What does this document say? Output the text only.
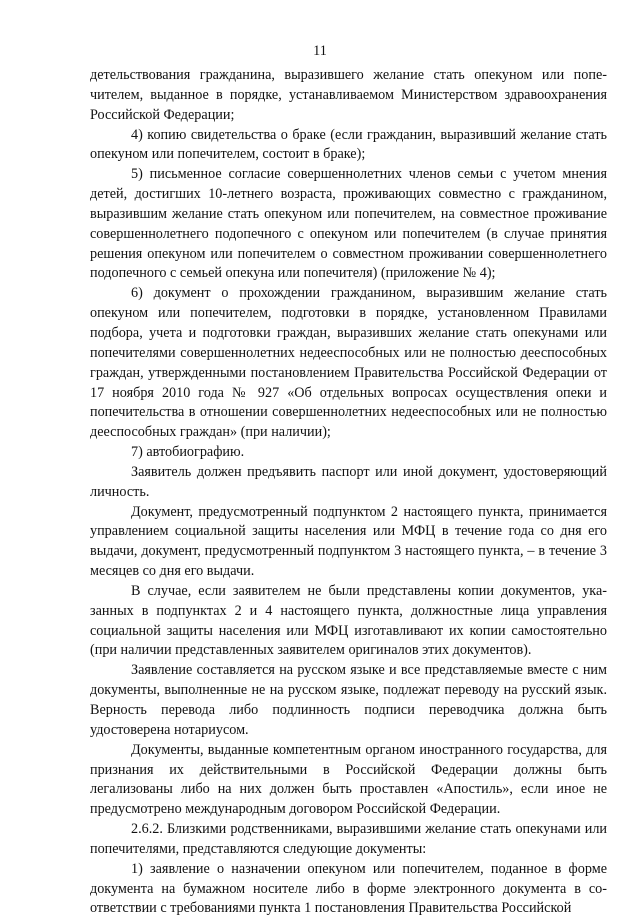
11

детельствования гражданина, выразившего желание стать опекуном или попечителем, выданное в порядке, устанавливаемом Министерством здравоохранения Российской Федерации;

4) копию свидетельства о браке (если гражданин, выразивший желание стать опекуном или попечителем, состоит в браке);

5) письменное согласие совершеннолетних членов семьи с учетом мнения детей, достигших 10-летнего возраста, проживающих совместно с гражданином, выразившим желание стать опекуном или попечителем, на совместное проживание совершеннолетнего подопечного с опекуном или попечителем (в случае принятия решения опекуном или попечителем о совместном проживании совершеннолетнего подопечного с семьей опекуна или попечителя) (приложение № 4);

6) документ о прохождении гражданином, выразившим желание стать опекуном или попечителем, подготовки в порядке, установленном Правилами подбора, учета и подготовки граждан, выразивших желание стать опекунами или попечителями совершеннолетних недееспособных или не полностью дееспособных граждан, утвержденными постановлением Правительства Российской Федерации от 17 ноября 2010 года № 927 «Об отдельных вопросах осуществления опеки и попечительства в отношении совершеннолетних недееспособных или не полностью дееспособных граждан» (при наличии);

7) автобиографию.

Заявитель должен предъявить паспорт или иной документ, удостоверяющий личность.

Документ, предусмотренный подпунктом 2 настоящего пункта, принимается управлением социальной защиты населения или МФЦ в течение года со дня его выдачи, документ, предусмотренный подпунктом 3 настоящего пункта, – в течение 3 месяцев со дня его выдачи.

В случае, если заявителем не были представлены копии документов, указанных в подпунктах 2 и 4 настоящего пункта, должностные лица управления социальной защиты населения или МФЦ изготавливают их копии самостоятельно (при наличии представленных заявителем оригиналов этих документов).

Заявление составляется на русском языке и все представляемые вместе с ним документы, выполненные не на русском языке, подлежат переводу на русский язык. Верность перевода либо подлинность подписи переводчика должна быть удостоверена нотариусом.

Документы, выданные компетентным органом иностранного государства, для признания их действительными в Российской Федерации должны быть легализованы либо на них должен быть проставлен «Апостиль», если иное не предусмотрено международным договором Российской Федерации.

2.6.2. Близкими родственниками, выразившими желание стать опекунами или попечителями, представляются следующие документы:

1) заявление о назначении опекуном или попечителем, поданное в форме документа на бумажном носителе либо в форме электронного документа в соответствии с требованиями пункта 1 постановления Правительства Российской
